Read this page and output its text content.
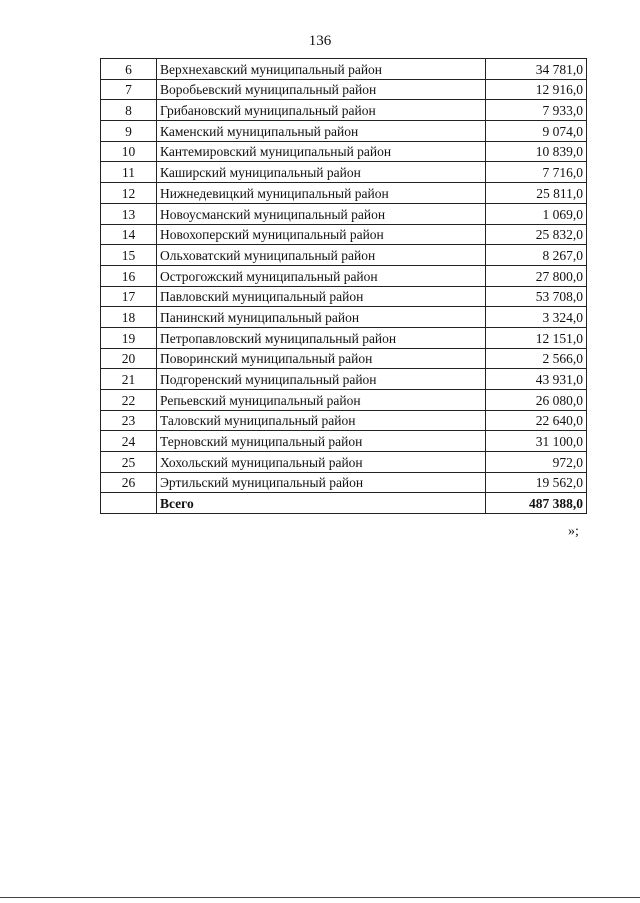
136
6	Верхнехавский муниципальный район	34 781,0
7	Воробьевский муниципальный район	12 916,0
8	Грибановский муниципальный район	7 933,0
9	Каменский муниципальный район	9 074,0
10	Кантемировский муниципальный район	10 839,0
11	Каширский муниципальный район	7 716,0
12	Нижнедевицкий муниципальный район	25 811,0
13	Новоусманский муниципальный район	1 069,0
14	Новохоперский муниципальный район	25 832,0
15	Ольховатский муниципальный район	8 267,0
16	Острогожский муниципальный район	27 800,0
17	Павловский муниципальный район	53 708,0
18	Панинский муниципальный район	3 324,0
19	Петропавловский муниципальный район	12 151,0
20	Поворинский муниципальный район	2 566,0
21	Подгоренский муниципальный район	43 931,0
22	Репьевский муниципальный район	26 080,0
23	Таловский муниципальный район	22 640,0
24	Терновский муниципальный район	31 100,0
25	Хохольский муниципальный район	972,0
26	Эртильский муниципальный район	19 562,0
	Всего	487 388,0
»;
